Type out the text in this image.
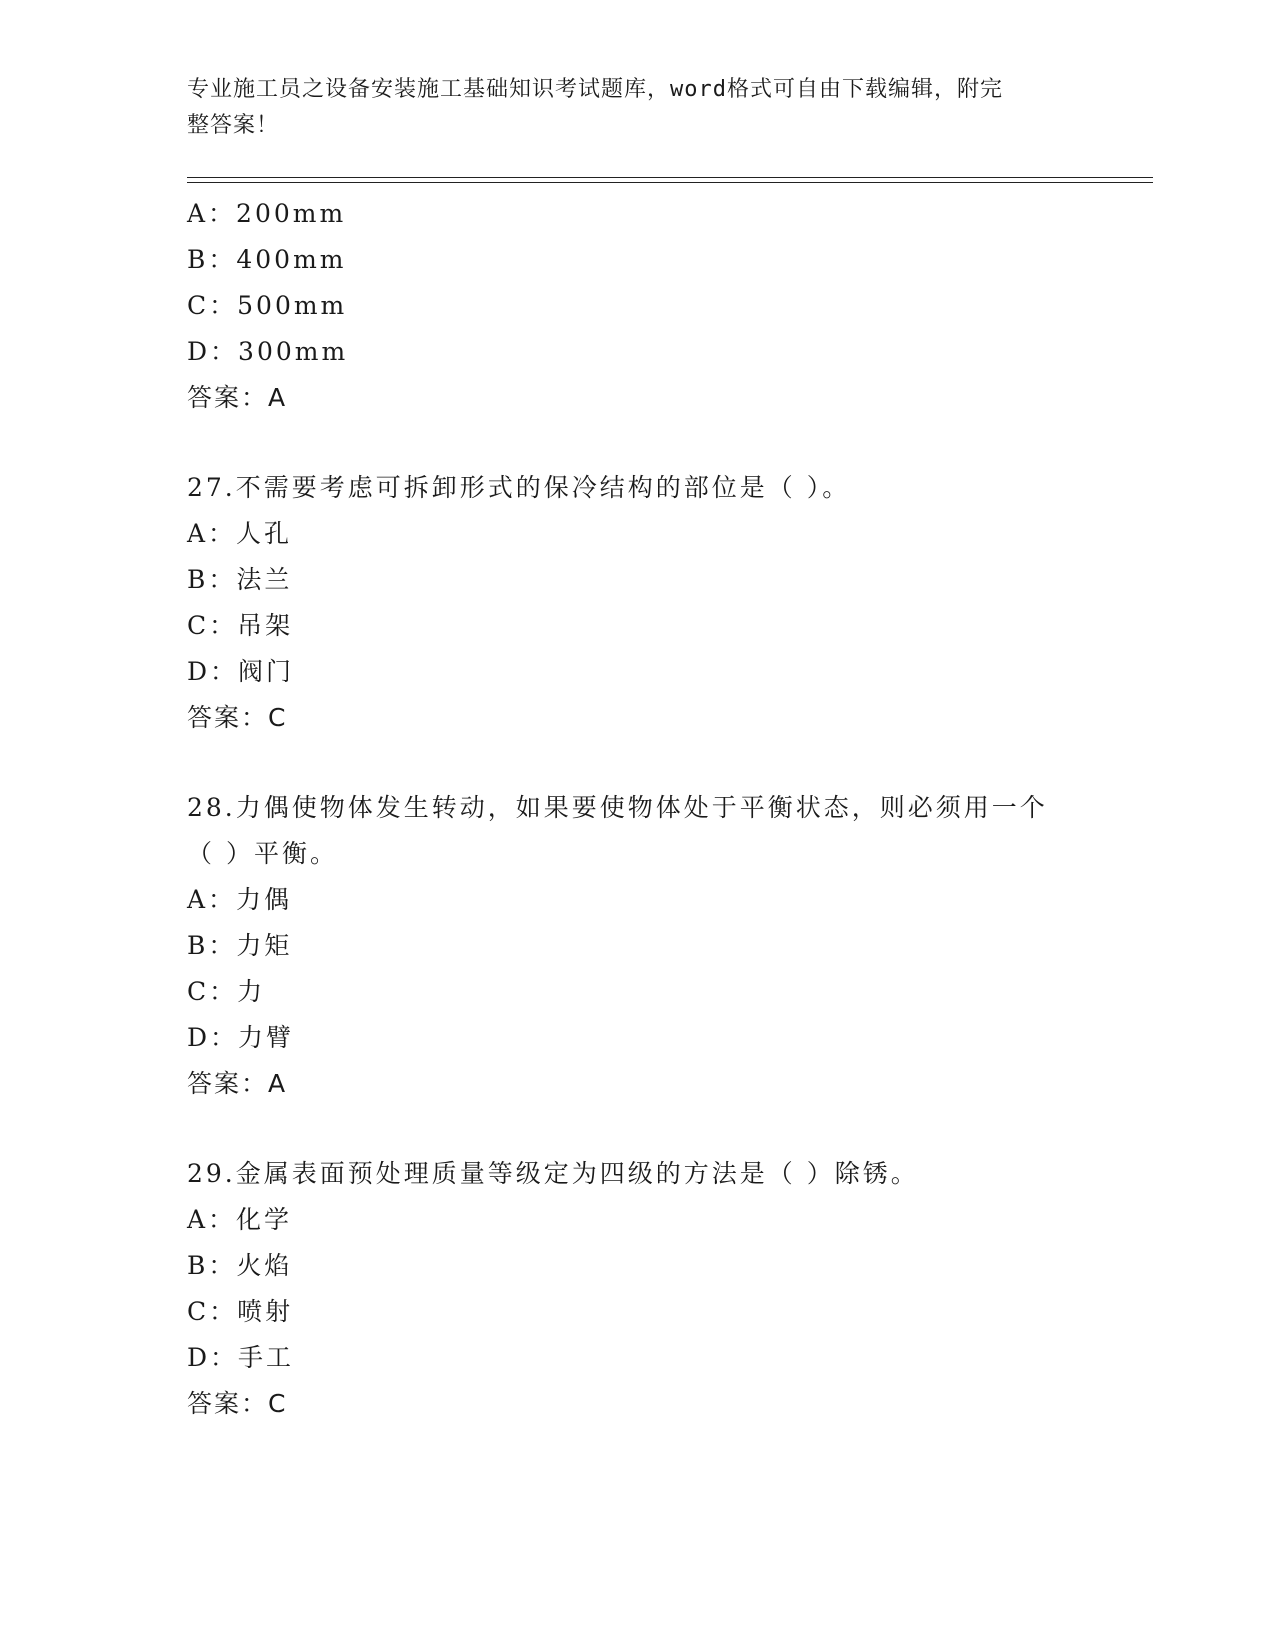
专业施工员之设备安装施工基础知识考试题库，word格式可自由下载编辑，附完
整答案！
A：200mm
B：400mm
C：500mm
D：300mm
答案：A
27.不需要考虑可拆卸形式的保冷结构的部位是（ ）。
A：人孔
B：法兰
C：吊架
D：阀门
答案：C
28.力偶使物体发生转动，如果要使物体处于平衡状态，则必须用一个
（ ）平衡。
A：力偶
B：力矩
C：力
D：力臂
答案：A
29.金属表面预处理质量等级定为四级的方法是（ ）除锈。
A：化学
B：火焰
C：喷射
D：手工
答案：C
